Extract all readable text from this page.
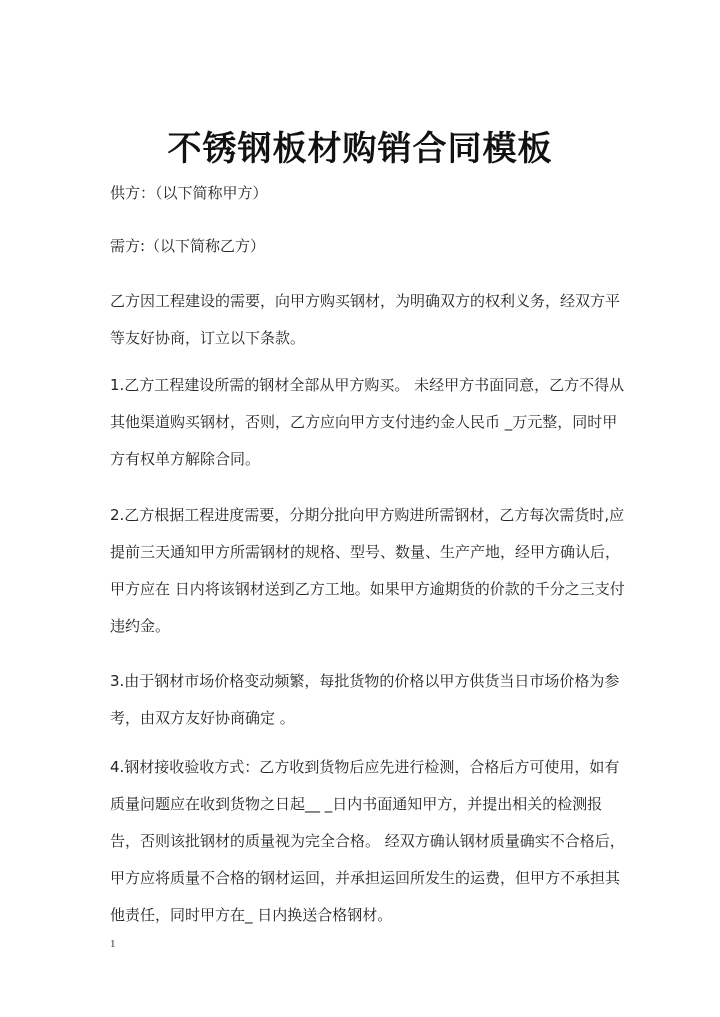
不锈钢板材购销合同模板

供方：（以下简称甲方）

需方:（以下简称乙方）

乙方因工程建设的需要，向甲方购买钢材，为明确双方的权利义务，经双方平
等友好协商，订立以下条款。

1.乙方工程建设所需的钢材全部从甲方购买。 未经甲方书面同意，乙方不得从
其他渠道购买钢材，否则，乙方应向甲方支付违约金人民币 _万元整，同时甲
方有权单方解除合同。

2.乙方根据工程进度需要，分期分批向甲方购进所需钢材，乙方每次需货时,应
提前三天通知甲方所需钢材的规格、型号、数量、生产产地，经甲方确认后，
甲方应在 日内将该钢材送到乙方工地。如果甲方逾期货的价款的千分之三支付
违约金。

3.由于钢材市场价格变动频繁，每批货物的价格以甲方供货当日市场价格为参
考，由双方友好协商确定 。

4.钢材接收验收方式：乙方收到货物后应先进行检测，合格后方可使用，如有
质量问题应在收到货物之日起__ _日内书面通知甲方，并提出相关的检测报
告，否则该批钢材的质量视为完全合格。 经双方确认钢材质量确实不合格后，
甲方应将质量不合格的钢材运回，并承担运回所发生的运费，但甲方不承担其
他责任，同时甲方在_ 日内换送合格钢材。

1
